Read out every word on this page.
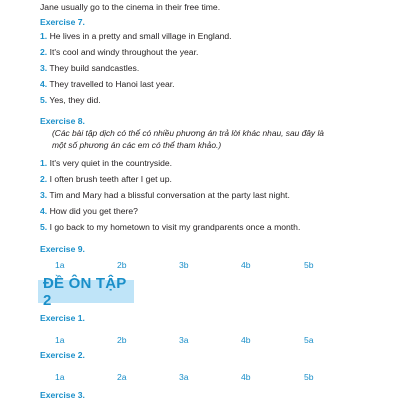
Jane usually go to the cinema in their free time.
Exercise 7.
1. He lives in a pretty and small village in England.
2. It's cool and windy throughout the year.
3. They build sandcastles.
4. They travelled to Hanoi last year.
5. Yes, they did.
Exercise 8.
(Các bài tập dịch có thể có nhiều phương án trả lời khác nhau, sau đây là
một số phương án các em có thể tham khảo.)
1. It's very quiet in the countryside.
2. I often brush teeth after I get up.
3. Tim and Mary had a blissful conversation at the party last night.
4. How did you get there?
5. I go back to my hometown to visit my grandparents once a month.
Exercise 9.
1a	2b	3b	4b	5b
ĐỀ ÔN TẬP 2
Exercise 1.
1a	2b	3a	4b	5a
Exercise 2.
1a	2a	3a	4b	5b
Exercise 3.
